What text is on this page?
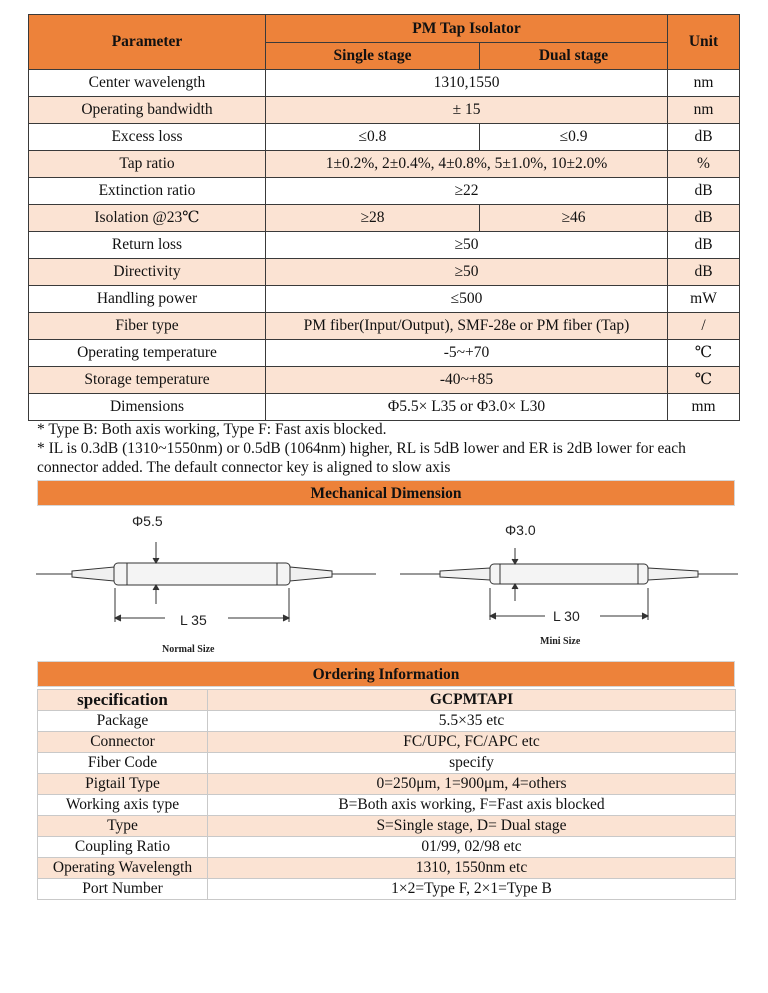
Parameter	PM Tap Isolator		Unit
	Single stage	Dual stage	
Center wavelength	1310,1550		nm
Operating bandwidth	± 15		nm
Excess loss	≤0.8	≤0.9	dB
Tap ratio	1±0.2%, 2±0.4%, 4±0.8%, 5±1.0%, 10±2.0%		%
Extinction ratio	≥22		dB
Isolation @23℃	≥28	≥46	dB
Return loss	≥50		dB
Directivity	≥50		dB
Handling power	≤500		mW
Fiber type	PM fiber(Input/Output), SMF-28e or PM fiber (Tap)		/
Operating temperature	-5~+70		℃
Storage temperature	-40~+85		℃
Dimensions	Φ5.5× L35 or Φ3.0× L30		mm

* Type B: Both axis working, Type F: Fast axis blocked.

* IL is 0.3dB (1310~1550nm) or 0.5dB (1064nm) higher, RL is 5dB lower and ER is 2dB lower for each connector added. The default connector key is aligned to slow axis

Mechanical Dimension
Φ5.5
L 35
Normal Size
Φ3.0
L 30
Mini Size
Ordering Information
specification	GCPMTAPI
Package	5.5×35 etc
Connector	FC/UPC, FC/APC etc
Fiber Code	specify
Pigtail Type	0=250μm, 1=900μm, 4=others
Working axis type	B=Both axis working, F=Fast axis blocked
Type	S=Single stage, D= Dual stage
Coupling Ratio	01/99, 02/98 etc
Operating Wavelength	1310, 1550nm etc
Port Number	1×2=Type F, 2×1=Type B
